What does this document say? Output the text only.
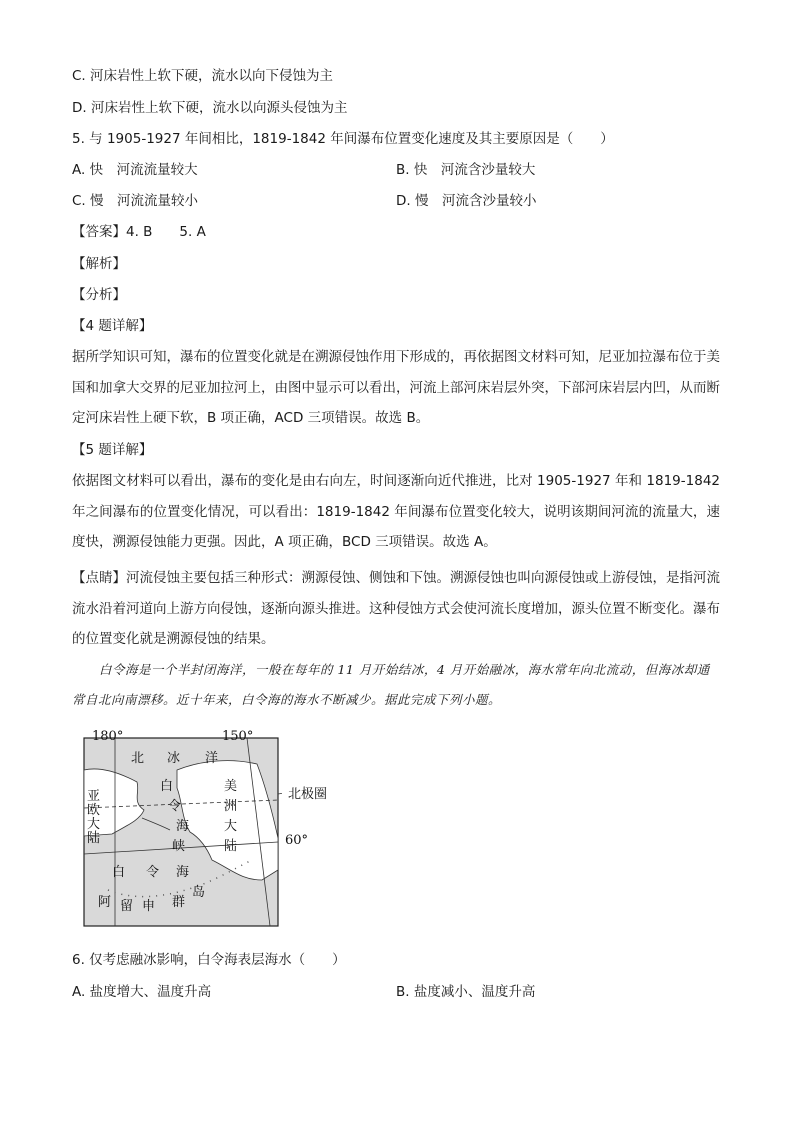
C. 河床岩性上软下硬，流水以向下侵蚀为主
D. 河床岩性上软下硬，流水以向源头侵蚀为主
5. 与 1905-1927 年间相比，1819-1842 年间瀑布位置变化速度及其主要原因是（　　）
A. 快　河流流量较大	B. 快　河流含沙量较大
C. 慢　河流流量较小	D. 慢　河流含沙量较小
【答案】4. B　　5. A
【解析】
【分析】
【4 题详解】
据所学知识可知，瀑布的位置变化就是在溯源侵蚀作用下形成的，再依据图文材料可知，尼亚加拉瀑布位于美国和加拿大交界的尼亚加拉河上，由图中显示可以看出，河流上部河床岩层外突，下部河床岩层内凹，从而断定河床岩性上硬下软，B 项正确，ACD 三项错误。故选 B。
【5 题详解】
依据图文材料可以看出，瀑布的变化是由右向左，时间逐渐向近代推进，比对 1905-1927 年和 1819-1842 年之间瀑布的位置变化情况，可以看出：1819-1842 年间瀑布位置变化较大，说明该期间河流的流量大，速度快，溯源侵蚀能力更强。因此，A 项正确，BCD 三项错误。故选 A。
【点睛】河流侵蚀主要包括三种形式：溯源侵蚀、侧蚀和下蚀。溯源侵蚀也叫向源侵蚀或上游侵蚀，是指河流流水沿着河道向上游方向侵蚀，逐渐向源头推进。这种侵蚀方式会使河流长度增加，源头位置不断变化。瀑布的位置变化就是溯源侵蚀的结果。
白令海是一个半封闭海洋，一般在每年的 11 月开始结冰，4 月开始融冰，海水常年向北流动，但海冰却通常自北向南漂移。近十年来，白令海的海水不断减少。据此完成下列小题。
180°	150°
北 冰 洋
北极圈
60°
亚
欧
大
陆
白
令
海
峡
美
洲
大
陆
白 令 海
阿 留 申 群
岛
6. 仅考虑融冰影响，白令海表层海水（　　）
A. 盐度增大、温度升高	B. 盐度减小、温度升高
